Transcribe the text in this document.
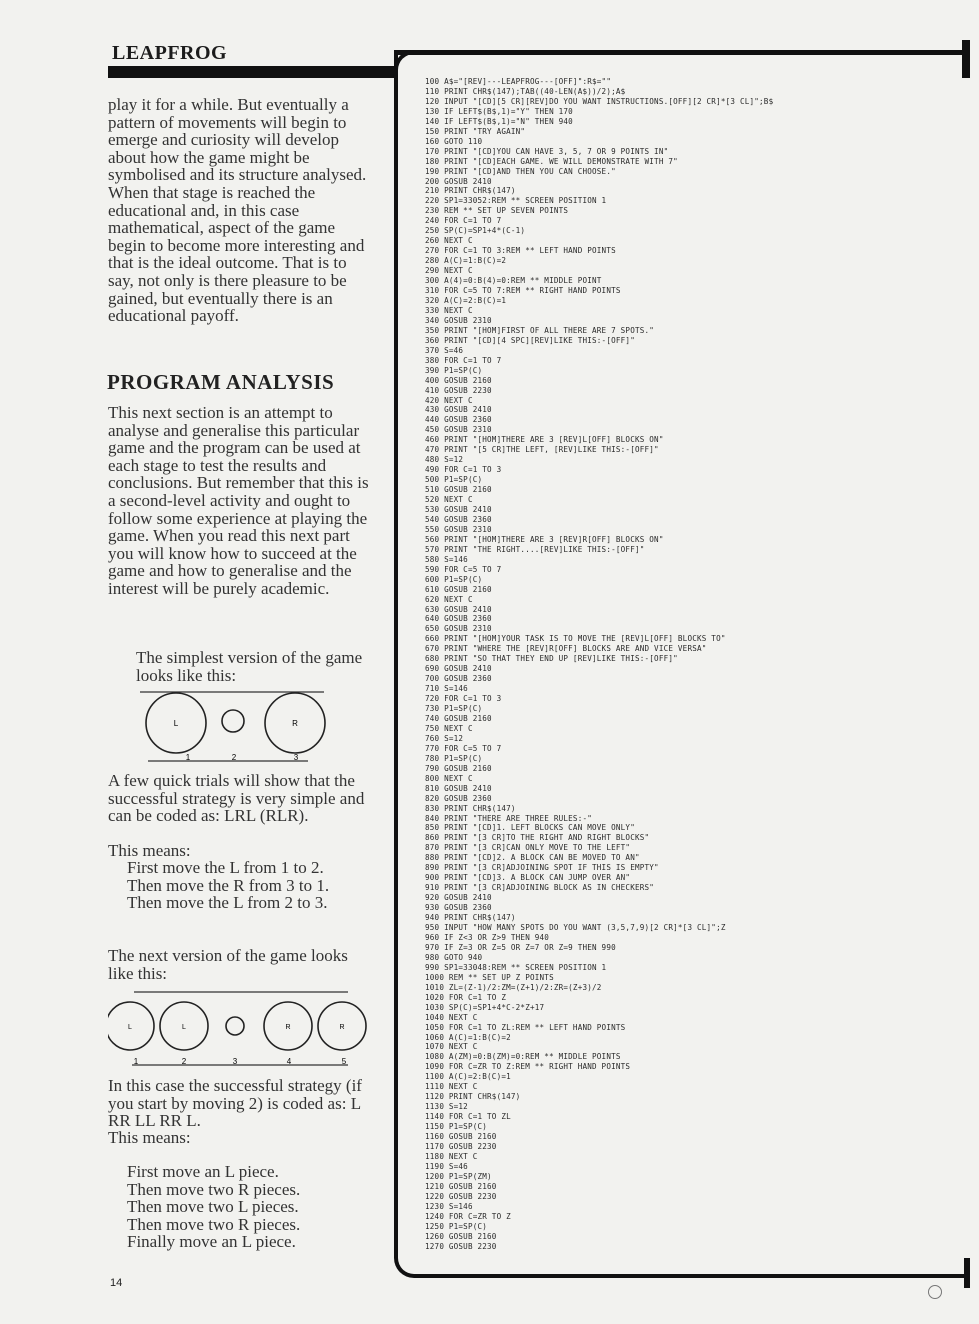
LEAPFROG
100 A$="[REV]---LEAPFROG---[OFF]":R$=""
110 PRINT CHR$(147);TAB((40-LEN(A$))/2);A$
120 INPUT "[CD][5 CR][REV]DO YOU WANT INSTRUCTIONS.[OFF][2 CR]*[3 CL]";B$
130 IF LEFT$(B$,1)="Y" THEN 170
140 IF LEFT$(B$,1)="N" THEN 940
150 PRINT "TRY AGAIN"
160 GOTO 110
170 PRINT "[CD]YOU CAN HAVE 3, 5, 7 OR 9 POINTS IN"
180 PRINT "[CD]EACH GAME. WE WILL DEMONSTRATE WITH 7"
190 PRINT "[CD]AND THEN YOU CAN CHOOSE."
200 GOSUB 2410
210 PRINT CHR$(147)
220 SP1=33052:REM ** SCREEN POSITION 1
230 REM ** SET UP SEVEN POINTS
240 FOR C=1 TO 7
250 SP(C)=SP1+4*(C-1)
260 NEXT C
270 FOR C=1 TO 3:REM ** LEFT HAND POINTS
280 A(C)=1:B(C)=2
290 NEXT C
300 A(4)=0:B(4)=0:REM ** MIDDLE POINT
310 FOR C=5 TO 7:REM ** RIGHT HAND POINTS
320 A(C)=2:B(C)=1
330 NEXT C
340 GOSUB 2310
350 PRINT "[HOM]FIRST OF ALL THERE ARE 7 SPOTS."
360 PRINT "[CD][4 SPC][REV]LIKE THIS:-[OFF]"
370 S=46
380 FOR C=1 TO 7
390 P1=SP(C)
400 GOSUB 2160
410 GOSUB 2230
420 NEXT C
430 GOSUB 2410
440 GOSUB 2360
450 GOSUB 2310
460 PRINT "[HOM]THERE ARE 3 [REV]L[OFF] BLOCKS ON"
470 PRINT "[5 CR]THE LEFT, [REV]LIKE THIS:-[OFF]"
480 S=12
490 FOR C=1 TO 3
500 P1=SP(C)
510 GOSUB 2160
520 NEXT C
530 GOSUB 2410
540 GOSUB 2360
550 GOSUB 2310
560 PRINT "[HOM]THERE ARE 3 [REV]R[OFF] BLOCKS ON"
570 PRINT "THE RIGHT....[REV]LIKE THIS:-[OFF]"
580 S=146
590 FOR C=5 TO 7
600 P1=SP(C)
610 GOSUB 2160
620 NEXT C
630 GOSUB 2410
640 GOSUB 2360
650 GOSUB 2310
660 PRINT "[HOM]YOUR TASK IS TO MOVE THE [REV]L[OFF] BLOCKS TO"
670 PRINT "WHERE THE [REV]R[OFF] BLOCKS ARE AND VICE VERSA"
680 PRINT "SO THAT THEY END UP [REV]LIKE THIS:-[OFF]"
690 GOSUB 2410
700 GOSUB 2360
710 S=146
720 FOR C=1 TO 3
730 P1=SP(C)
740 GOSUB 2160
750 NEXT C
760 S=12
770 FOR C=5 TO 7
780 P1=SP(C)
790 GOSUB 2160
800 NEXT C
810 GOSUB 2410
820 GOSUB 2360
830 PRINT CHR$(147)
840 PRINT "THERE ARE THREE RULES:-"
850 PRINT "[CD]1. LEFT BLOCKS CAN MOVE ONLY"
860 PRINT "[3 CR]TO THE RIGHT AND RIGHT BLOCKS"
870 PRINT "[3 CR]CAN ONLY MOVE TO THE LEFT"
880 PRINT "[CD]2. A BLOCK CAN BE MOVED TO AN"
890 PRINT "[3 CR]ADJOINING SPOT IF THIS IS EMPTY"
900 PRINT "[CD]3. A BLOCK CAN JUMP OVER AN"
910 PRINT "[3 CR]ADJOINING BLOCK AS IN CHECKERS"
920 GOSUB 2410
930 GOSUB 2360
940 PRINT CHR$(147)
950 INPUT "HOW MANY SPOTS DO YOU WANT (3,5,7,9)[2 CR]*[3 CL]";Z
960 IF Z<3 OR Z>9 THEN 940
970 IF Z=3 OR Z=5 OR Z=7 OR Z=9 THEN 990
980 GOTO 940
990 SP1=33048:REM ** SCREEN POSITION 1
1000 REM ** SET UP Z POINTS
1010 ZL=(Z-1)/2:ZM=(Z+1)/2:ZR=(Z+3)/2
1020 FOR C=1 TO Z
1030 SP(C)=SP1+4*C-2*Z+17
1040 NEXT C
1050 FOR C=1 TO ZL:REM ** LEFT HAND POINTS
1060 A(C)=1:B(C)=2
1070 NEXT C
1080 A(ZM)=0:B(ZM)=0:REM ** MIDDLE POINTS
1090 FOR C=ZR TO Z:REM ** RIGHT HAND POINTS
1100 A(C)=2:B(C)=1
1110 NEXT C
1120 PRINT CHR$(147)
1130 S=12
1140 FOR C=1 TO ZL
1150 P1=SP(C)
1160 GOSUB 2160
1170 GOSUB 2230
1180 NEXT C
1190 S=46
1200 P1=SP(ZM)
1210 GOSUB 2160
1220 GOSUB 2230
1230 S=146
1240 FOR C=ZR TO Z
1250 P1=SP(C)
1260 GOSUB 2160
1270 GOSUB 2230
play it for a while. But eventually a pattern of movements will begin to emerge and curiosity will develop about how the game might be symbolised and its structure analysed. When that stage is reached the educational and, in this case mathematical, aspect of the game begin to become more interesting and that is the ideal outcome. That is to say, not only is there pleasure to be gained, but eventually there is an educational payoff.
PROGRAM ANALYSIS
This next section is an attempt to analyse and generalise this particular game and the program can be used at each stage to test the results and conclusions. But remember that this is a second-level activity and ought to follow some experience at playing the game. When you read this next part you will know how to succeed at the game and how to generalise and the interest will be purely academic.
The simplest version of the game looks like this:
L	R
1	2	3
A few quick trials will show that the successful strategy is very simple and can be coded as: LRL (RLR).
This means:
First move the L from 1 to 2.
Then move the R from 3 to 1.
Then move the L from 2 to 3.
The next version of the game looks like this:
L	L	R	R
1	2	3	4	5
In this case the successful strategy (if you start by moving 2) is coded as: L RR LL RR L.
This means:
First move an L piece.
Then move two R pieces.
Then move two L pieces.
Then move two R pieces.
Finally move an L piece.
14
